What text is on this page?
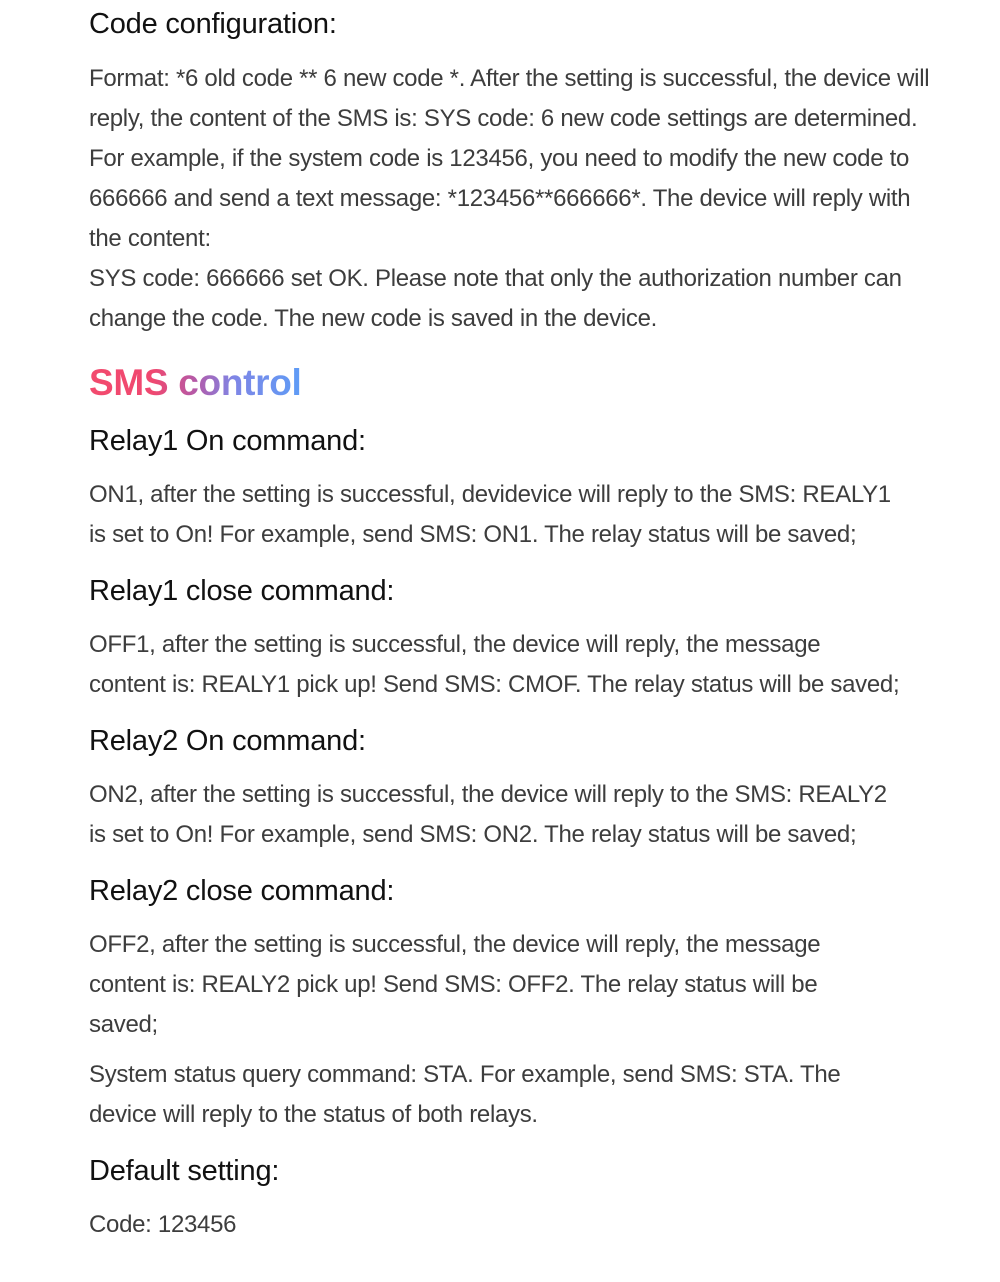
Code configuration:
Format: *6 old code ** 6 new code *. After the setting is successful, the device will
reply, the content of the SMS is: SYS code: 6 new code settings are determined.
For example, if the system code is 123456, you need to modify the new code to
666666 and send a text message: *123456**666666*. The device will reply with
the content:
SYS code: 666666 set OK. Please note that only the authorization number can
change the code. The new code is saved in the device.
SMS control
Relay1 On command:
ON1, after the setting is successful, devidevice will reply to the SMS: REALY1
is set to On! For example, send SMS: ON1. The relay status will be saved;
Relay1 close command:
OFF1, after the setting is successful, the device will reply, the message
content is: REALY1 pick up! Send SMS: CMOF. The relay status will be saved;
Relay2 On command:
ON2, after the setting is successful, the device will reply to the SMS: REALY2
is set to On! For example, send SMS: ON2. The relay status will be saved;
Relay2 close command:
OFF2, after the setting is successful, the device will reply, the message
content is: REALY2 pick up! Send SMS: OFF2. The relay status will be
saved;
System status query command: STA. For example, send SMS: STA. The
device will reply to the status of both relays.
Default setting:
Code: 123456
